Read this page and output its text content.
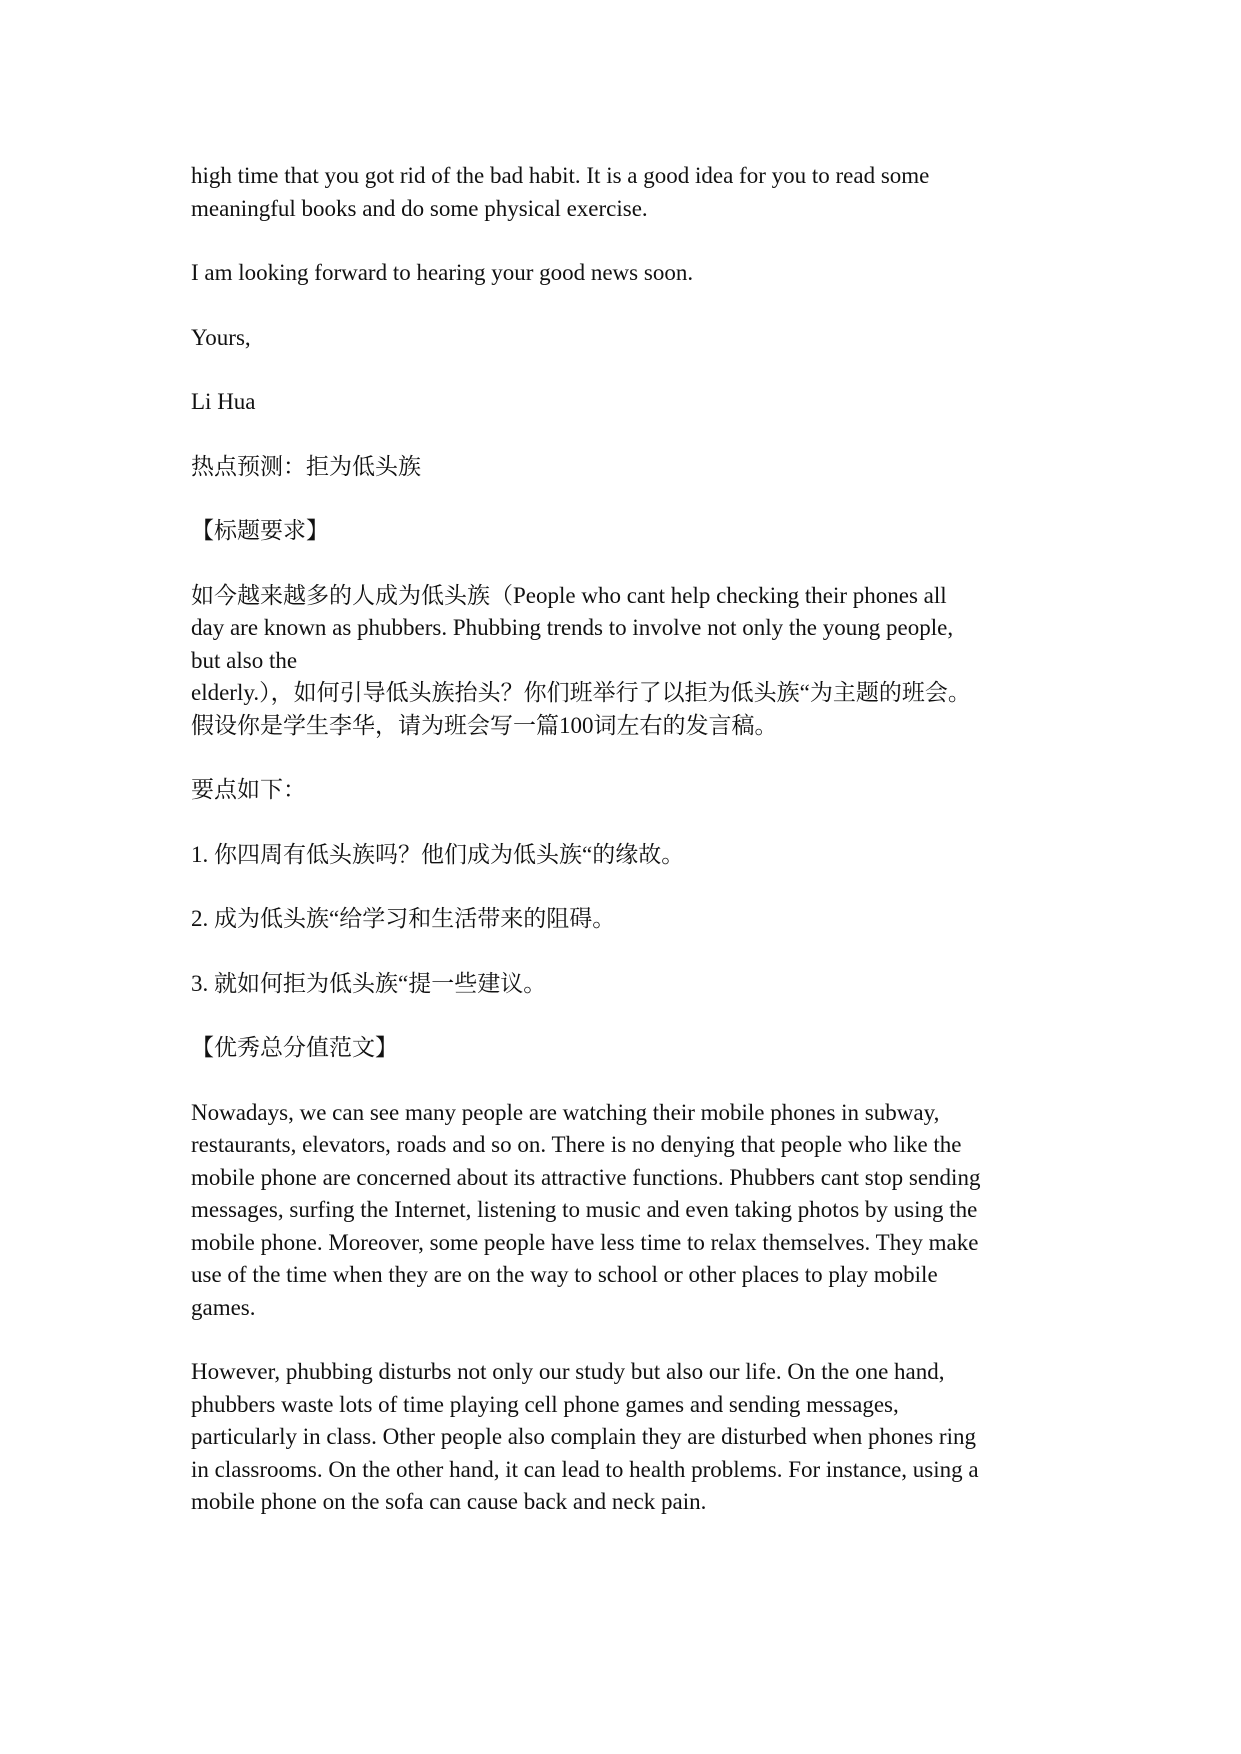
high time that you got rid of the bad habit. It is a good idea for you to read some
meaningful books and do some physical exercise.

I am looking forward to hearing your good news soon.

Yours,

Li Hua

热点预测：拒为低头族

【标题要求】

如今越来越多的人成为低头族（People who cant help checking their phones all
day are known as phubbers. Phubbing trends to involve not only the young people,
but also the
elderly.），如何引导低头族抬头？你们班举行了以拒为低头族“为主题的班会。
假设你是学生李华，请为班会写一篇100词左右的发言稿。

要点如下：

1. 你四周有低头族吗？他们成为低头族“的缘故。

2. 成为低头族“给学习和生活带来的阻碍。

3. 就如何拒为低头族“提一些建议。

【优秀总分值范文】

Nowadays, we can see many people are watching their mobile phones in subway,
restaurants, elevators, roads and so on. There is no denying that people who like the
mobile phone are concerned about its attractive functions. Phubbers cant stop sending
messages, surfing the Internet, listening to music and even taking photos by using the
mobile phone. Moreover, some people have less time to relax themselves. They make
use of the time when they are on the way to school or other places to play mobile
games.

However, phubbing disturbs not only our study but also our life. On the one hand,
phubbers waste lots of time playing cell phone games and sending messages,
particularly in class. Other people also complain they are disturbed when phones ring
in classrooms. On the other hand, it can lead to health problems. For instance, using a
mobile phone on the sofa can cause back and neck pain.
